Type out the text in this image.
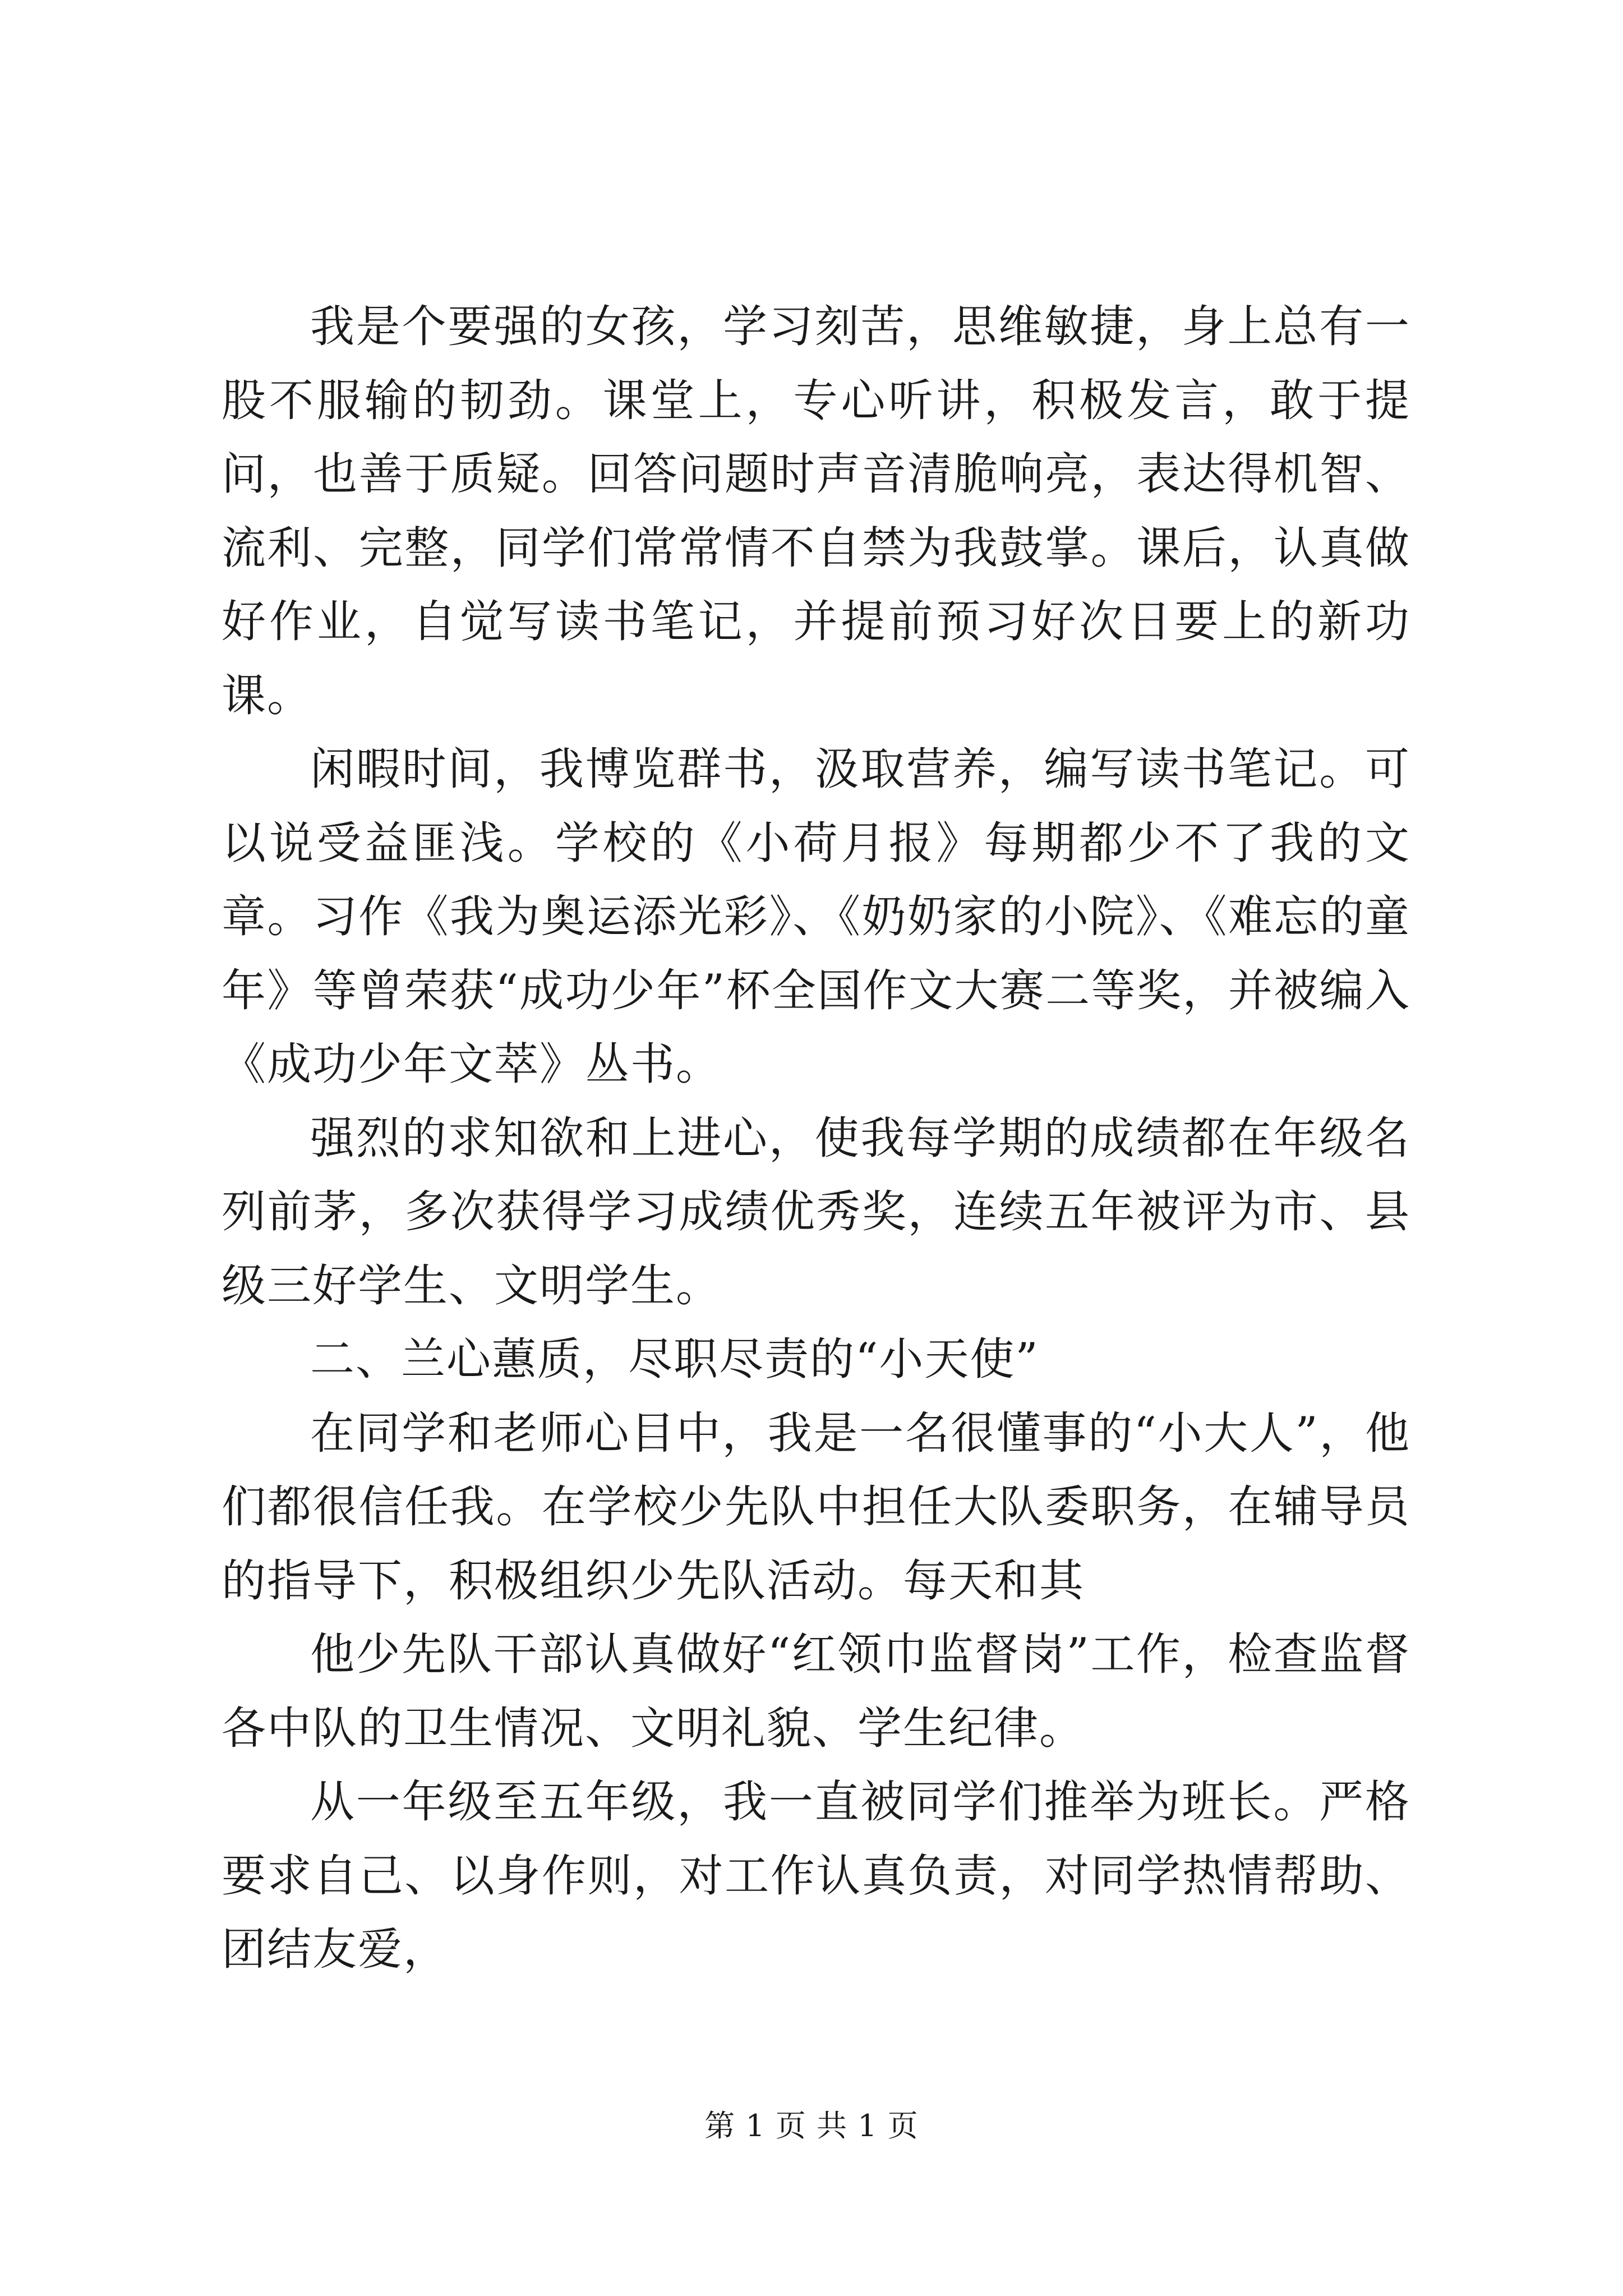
我是个要强的女孩，学习刻苦，思维敏捷，身上总有一股不服输的韧劲。课堂上，专心听讲，积极发言，敢于提问，也善于质疑。回答问题时声音清脆响亮，表达得机智、流利、完整，同学们常常情不自禁为我鼓掌。课后，认真做好作业，自觉写读书笔记，并提前预习好次日要上的新功课。

闲暇时间，我博览群书，汲取营养，编写读书笔记。可以说受益匪浅。学校的《小荷月报》每期都少不了我的文章。习作《我为奥运添光彩》、《奶奶家的小院》、《难忘的童年》等曾荣获“成功少年”杯全国作文大赛二等奖，并被编入《成功少年文萃》丛书。

强烈的求知欲和上进心，使我每学期的成绩都在年级名列前茅，多次获得学习成绩优秀奖，连续五年被评为市、县级三好学生、文明学生。

二、兰心蕙质，尽职尽责的“小天使”

在同学和老师心目中，我是一名很懂事的“小大人”，他们都很信任我。在学校少先队中担任大队委职务，在辅导员的指导下，积极组织少先队活动。每天和其

他少先队干部认真做好“红领巾监督岗”工作，检查监督各中队的卫生情况、文明礼貌、学生纪律。

从一年级至五年级，我一直被同学们推举为班长。严格要求自己、以身作则，对工作认真负责，对同学热情帮助、团结友爱，

第 1 页 共 1 页
